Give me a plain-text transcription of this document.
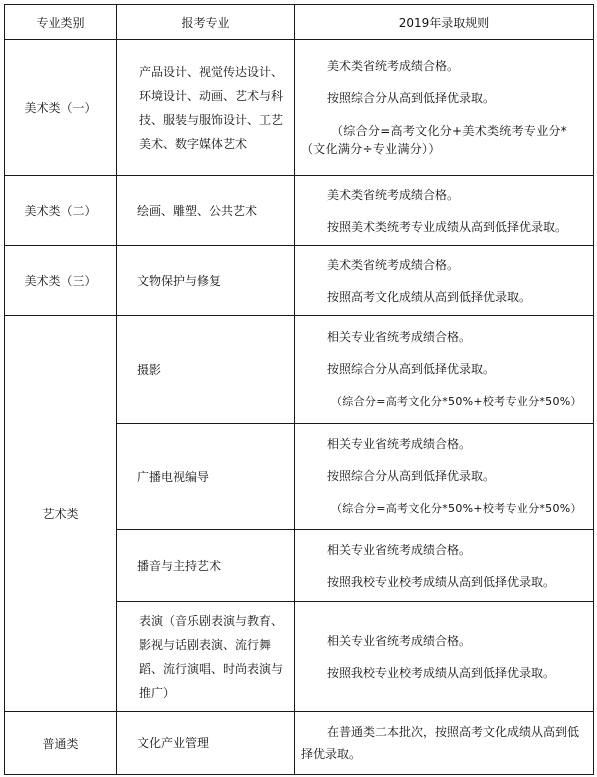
专业类别	报考专业	2019年录取规则
美术类（一）	产品设计、视觉传达设计、环境设计、动画、艺术与科技、服装与服饰设计、工艺美术、数字媒体艺术	美术类省统考成绩合格。

按照综合分从高到低择优录取。

（综合分=高考文化分+美术类统考专业分*（文化满分÷专业满分））

美术类（二）	绘画、雕塑、公共艺术	美术类省统考成绩合格。

按照美术类统考专业成绩从高到低择优录取。

美术类（三）	文物保护与修复	美术类省统考成绩合格。

按照高考文化成绩从高到低择优录取。

艺术类	摄影	相关专业省统考成绩合格。

按照综合分从高到低择优录取。

（综合分=高考文化分*50%+校考专业分*50%）

	广播电视编导	相关专业省统考成绩合格。

按照综合分从高到低择优录取。

（综合分=高考文化分*50%+校考专业分*50%）

	播音与主持艺术	相关专业省统考成绩合格。

按照我校专业校考成绩从高到低择优录取。

	表演（音乐剧表演与教育、影视与话剧表演、流行舞蹈、流行演唱、时尚表演与推广）	相关专业省统考成绩合格。

按照我校专业校考成绩从高到低择优录取。

普通类	文化产业管理	在普通类二本批次，按照高考文化成绩从高到低择优录取。
